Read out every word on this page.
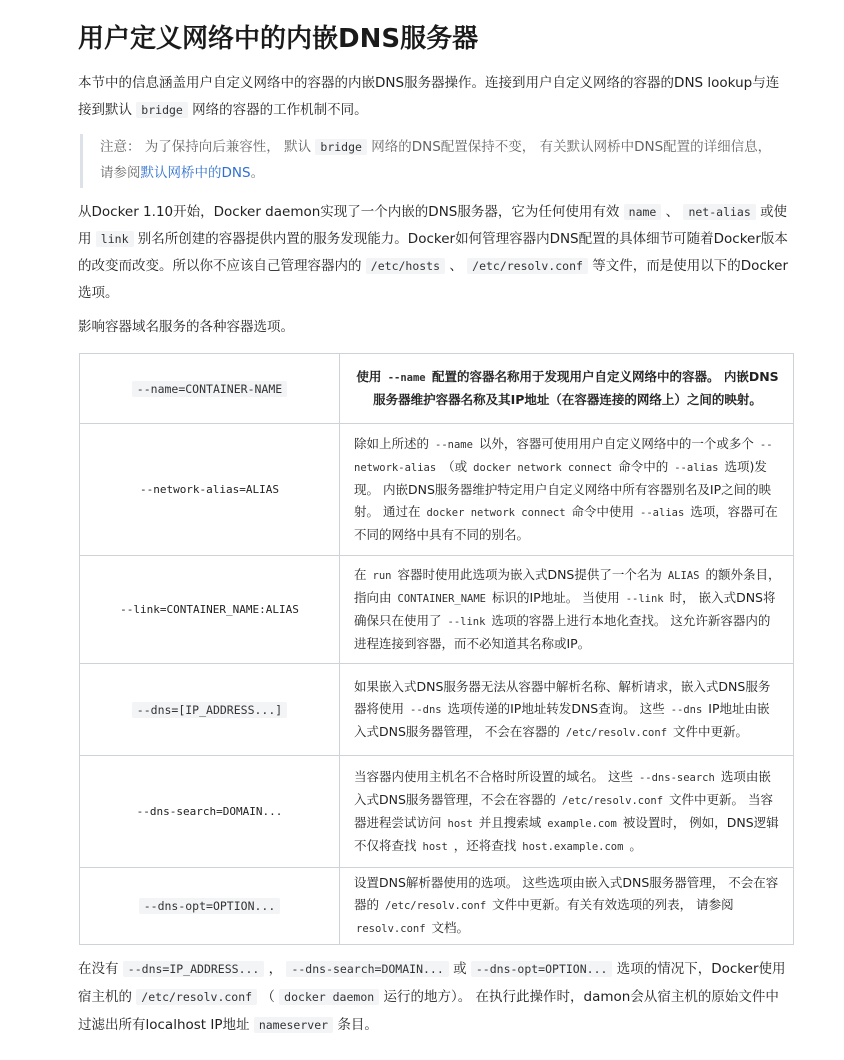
用户定义网络中的内嵌DNS服务器

本节中的信息涵盖用户自定义网络中的容器的内嵌DNS服务器操作。连接到用户自定义网络的容器的DNS lookup与连接到默认 bridge 网络的容器的工作机制不同。

注意： 为了保持向后兼容性， 默认 bridge 网络的DNS配置保持不变， 有关默认网桥中DNS配置的详细信息，请参阅默认网桥中的DNS。

从Docker 1.10开始，Docker daemon实现了一个内嵌的DNS服务器，它为任何使用有效 name 、 net-alias 或使用 link 别名所创建的容器提供内置的服务发现能力。Docker如何管理容器内DNS配置的具体细节可随着Docker版本的改变而改变。所以你不应该自己管理容器内的 /etc/hosts 、 /etc/resolv.conf 等文件，而是使用以下的Docker选项。

影响容器域名服务的各种容器选项。

--name=CONTAINER-NAME	使用 --name 配置的容器名称用于发现用户自定义网络中的容器。 内嵌DNS服务器维护容器名称及其IP地址（在容器连接的网络上）之间的映射。
--network-alias=ALIAS	除如上所述的 --name 以外，容器可使用用户自定义网络中的一个或多个 --network-alias （或 docker network connect 命令中的 --alias 选项)发现。 内嵌DNS服务器维护特定用户自定义网络中所有容器别名及IP之间的映射。 通过在 docker network connect 命令中使用 --alias 选项，容器可在不同的网络中具有不同的别名。
--link=CONTAINER_NAME:ALIAS	在 run 容器时使用此选项为嵌入式DNS提供了一个名为 ALIAS 的额外条目，指向由 CONTAINER_NAME 标识的IP地址。 当使用 --link 时， 嵌入式DNS将确保只在使用了 --link 选项的容器上进行本地化查找。 这允许新容器内的进程连接到容器，而不必知道其名称或IP。
--dns=[IP_ADDRESS...]	如果嵌入式DNS服务器无法从容器中解析名称、解析请求，嵌入式DNS服务器将使用 --dns 选项传递的IP地址转发DNS查询。 这些 --dns IP地址由嵌入式DNS服务器管理， 不会在容器的 /etc/resolv.conf 文件中更新。
--dns-search=DOMAIN...	当容器内使用主机名不合格时所设置的域名。 这些 --dns-search 选项由嵌入式DNS服务器管理，不会在容器的 /etc/resolv.conf 文件中更新。 当容器进程尝试访问 host 并且搜索域 example.com 被设置时， 例如，DNS逻辑不仅将查找 host ，还将查找 host.example.com 。
--dns-opt=OPTION...	设置DNS解析器使用的选项。 这些选项由嵌入式DNS服务器管理， 不会在容器的 /etc/resolv.conf 文件中更新。有关有效选项的列表， 请参阅 resolv.conf 文档。

在没有 --dns=IP_ADDRESS... ， --dns-search=DOMAIN... 或 --dns-opt=OPTION... 选项的情况下，Docker使用宿主机的 /etc/resolv.conf （ docker daemon 运行的地方）。 在执行此操作时，damon会从宿主机的原始文件中过滤出所有localhost IP地址 nameserver 条目。
